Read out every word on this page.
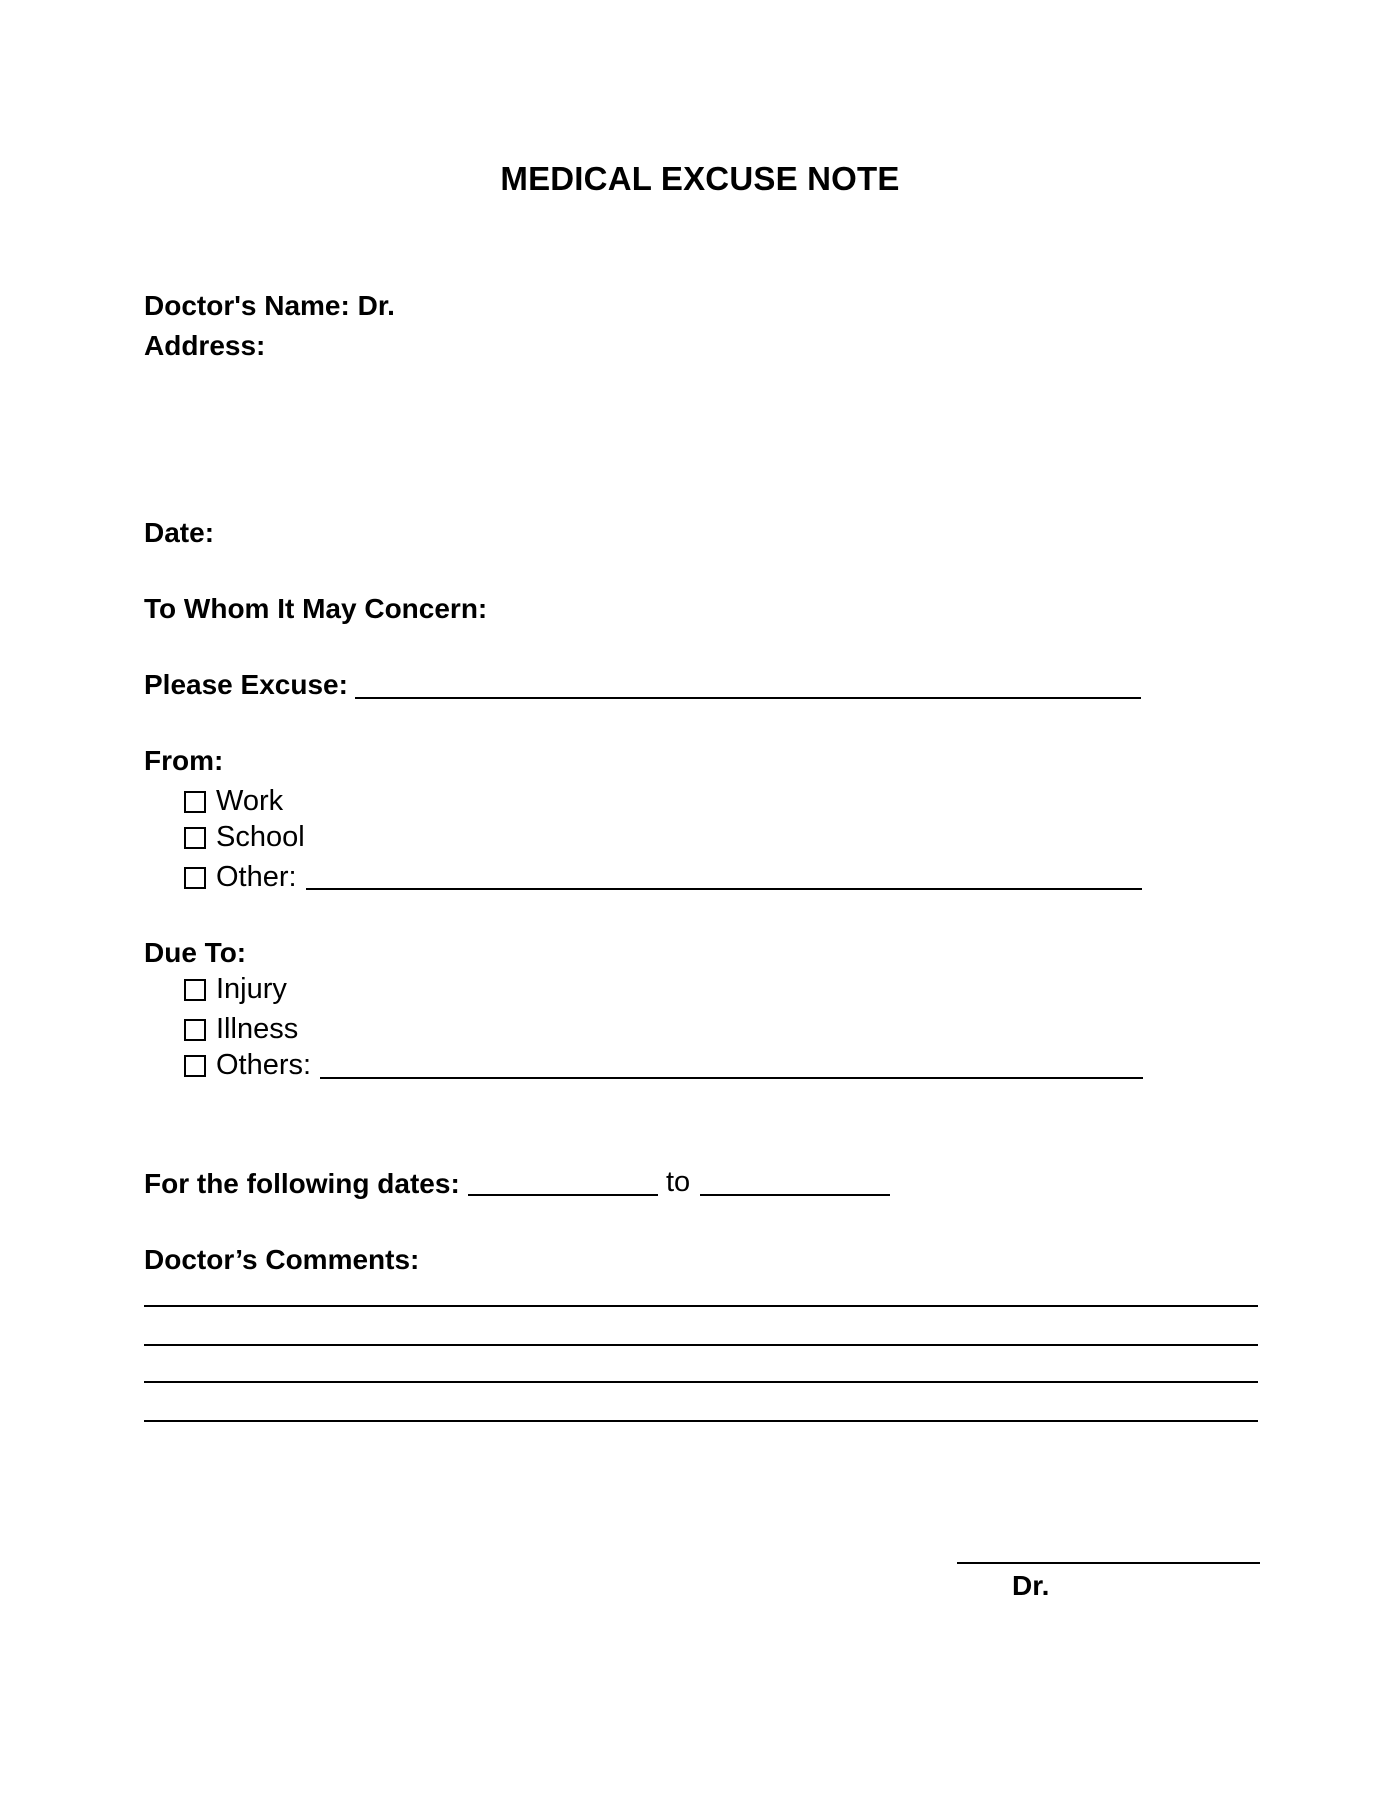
MEDICAL EXCUSE NOTE
Doctor's Name: Dr.
Address:
Date:
To Whom It May Concern:
Please Excuse:
From:
Work
School
Other:
Due To:
Injury
Illness
Others:
For the following dates:	to
Doctor’s Comments:
Dr.
